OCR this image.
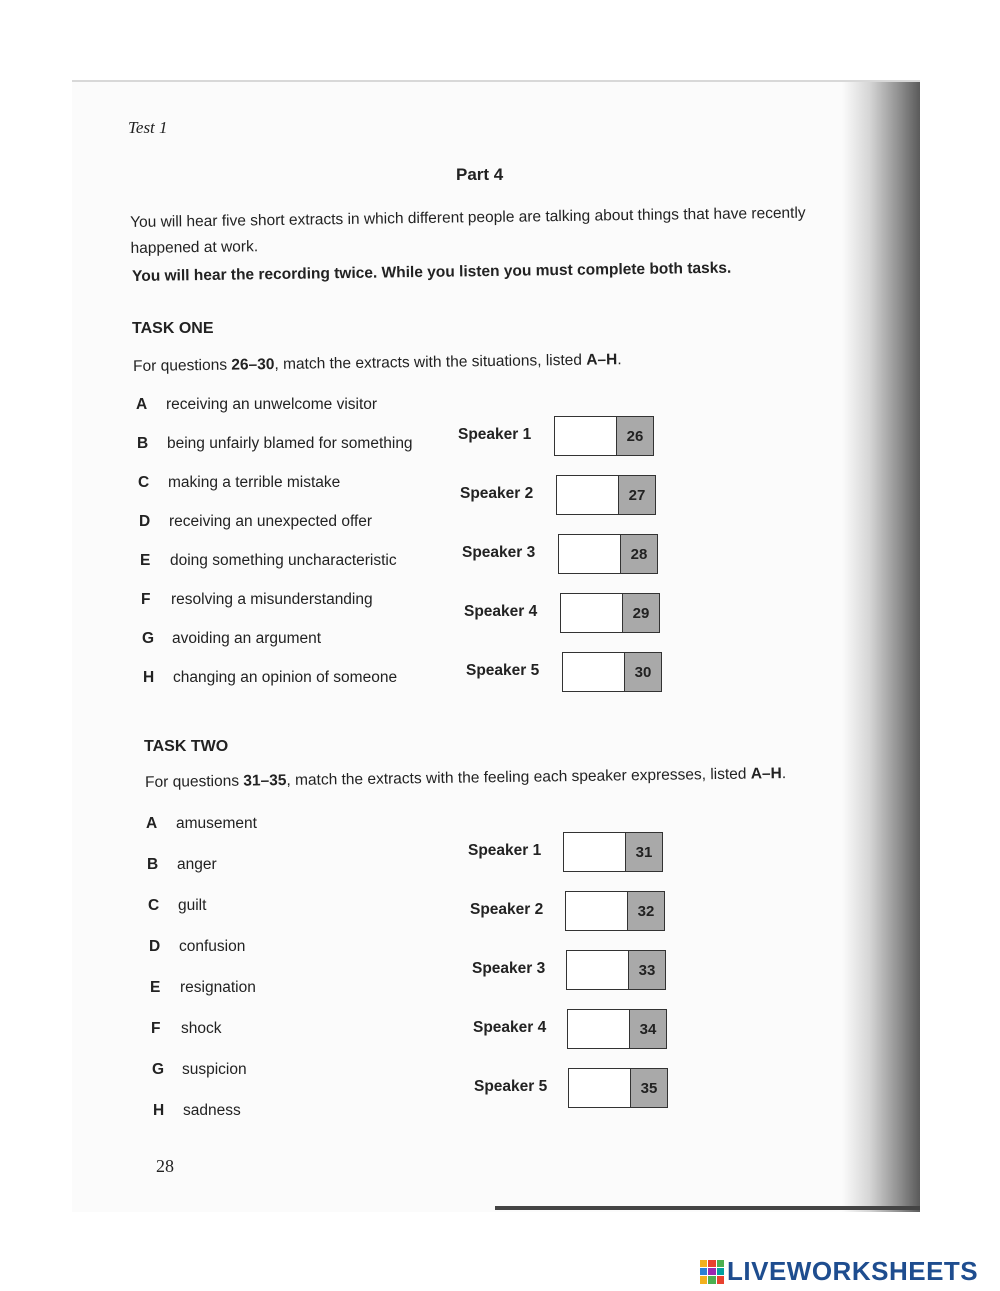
Test 1
Part 4
You will hear five short extracts in which different people are talking about things that have recently happened at work.
You will hear the recording twice. While you listen you must complete both tasks.
TASK ONE
For questions 26–30, match the extracts with the situations, listed A–H.
A receiving an unwelcome visitor
B being unfairly blamed for something
C making a terrible mistake
D receiving an unexpected offer
E doing something uncharacteristic
F resolving a misunderstanding
G avoiding an argument
H changing an opinion of someone
Speaker 1	26
Speaker 2	27
Speaker 3	28
Speaker 4	29
Speaker 5	30
TASK TWO
For questions 31–35, match the extracts with the feeling each speaker expresses, listed A–H.
A amusement
B anger
C guilt
D confusion
E resignation
F shock
G suspicion
H sadness
Speaker 1	31
Speaker 2	32
Speaker 3	33
Speaker 4	34
Speaker 5	35
28
LIVEWORKSHEETS
